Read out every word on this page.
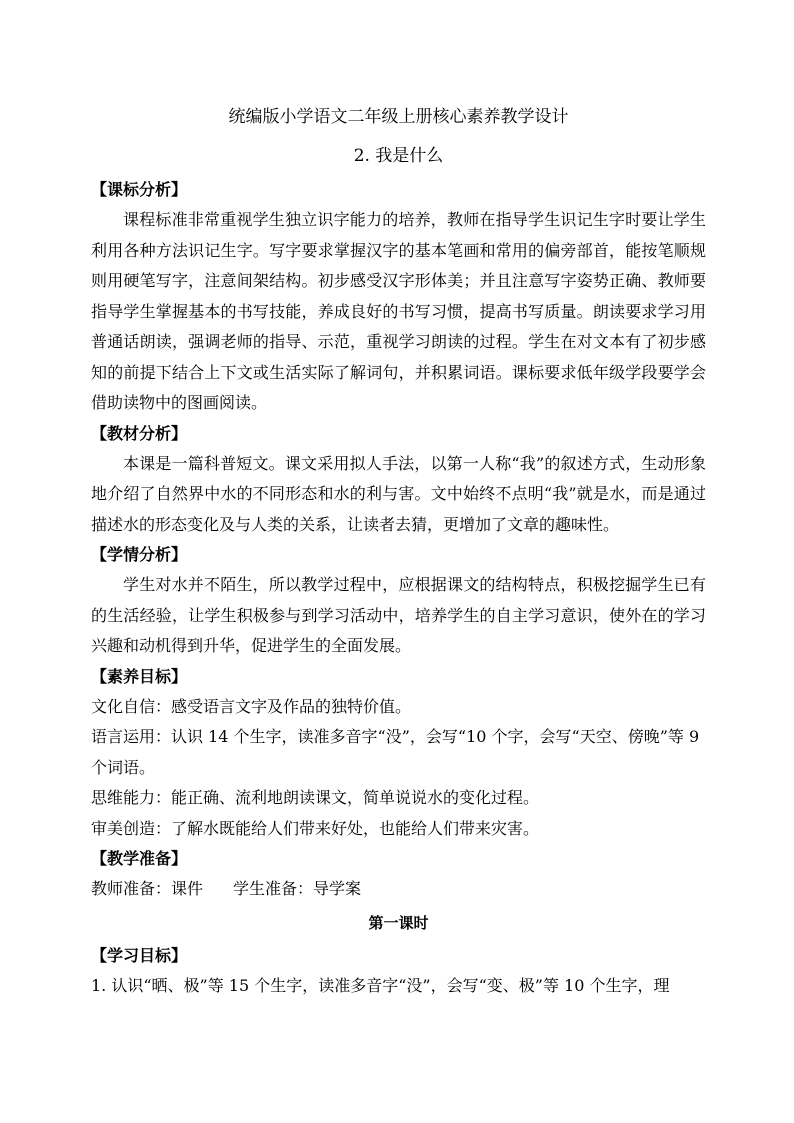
统编版小学语文二年级上册核心素养教学设计
2. 我是什么

【课标分析】

课程标准非常重视学生独立识字能力的培养，教师在指导学生识记生字时要让学生利用各种方法识记生字。写字要求掌握汉字的基本笔画和常用的偏旁部首，能按笔顺规则用硬笔写字，注意间架结构。初步感受汉字形体美；并且注意写字姿势正确、教师要指导学生掌握基本的书写技能，养成良好的书写习惯，提高书写质量。朗读要求学习用普通话朗读，强调老师的指导、示范，重视学习朗读的过程。学生在对文本有了初步感知的前提下结合上下文或生活实际了解词句，并积累词语。课标要求低年级学段要学会借助读物中的图画阅读。

【教材分析】

本课是一篇科普短文。课文采用拟人手法，以第一人称“我”的叙述方式，生动形象地介绍了自然界中水的不同形态和水的利与害。文中始终不点明“我”就是水，而是通过描述水的形态变化及与人类的关系，让读者去猜，更增加了文章的趣味性。

【学情分析】

学生对水并不陌生，所以教学过程中，应根据课文的结构特点，积极挖掘学生已有的生活经验，让学生积极参与到学习活动中，培养学生的自主学习意识，使外在的学习兴趣和动机得到升华，促进学生的全面发展。

【素养目标】

文化自信：感受语言文字及作品的独特价值。

语言运用：认识 14 个生字，读准多音字“没”，会写“10 个字，会写“天空、傍晚”等 9 个词语。

思维能力：能正确、流利地朗读课文，简单说说水的变化过程。

审美创造：了解水既能给人们带来好处，也能给人们带来灾害。

【教学准备】

教师准备：课件 学生准备：导学案

第一课时

【学习目标】

1. 认识“晒、极”等 15 个生字，读准多音字“没”，会写“变、极”等 10 个生字，理
